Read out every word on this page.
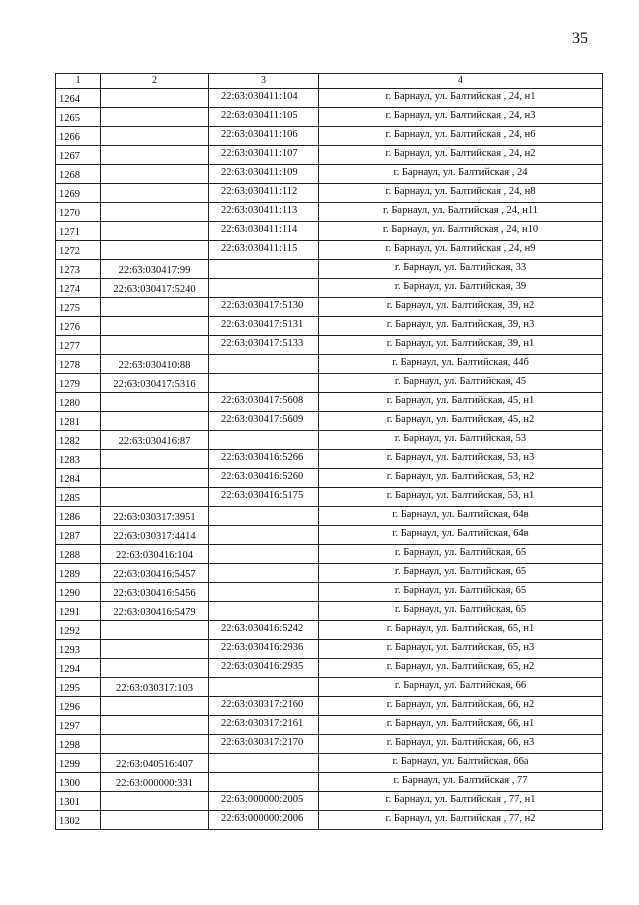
35
1	2	3	4
1264		22:63:030411:104	г. Барнаул, ул. Балтийская , 24, н1
1265		22:63:030411:105	г. Барнаул, ул. Балтийская , 24, н3
1266		22:63:030411:106	г. Барнаул, ул. Балтийская , 24, н6
1267		22:63:030411:107	г. Барнаул, ул. Балтийская , 24, н2
1268		22:63:030411:109	г. Барнаул, ул. Балтийская , 24
1269		22:63:030411:112	г. Барнаул, ул. Балтийская , 24, н8
1270		22:63:030411:113	г. Барнаул, ул. Балтийская , 24, н11
1271		22:63:030411:114	г. Барнаул, ул. Балтийская , 24, н10
1272		22:63:030411:115	г. Барнаул, ул. Балтийская , 24, н9
1273	22:63:030417:99		г. Барнаул, ул. Балтийская, 33
1274	22:63:030417:5240		г. Барнаул, ул. Балтийская, 39
1275		22:63:030417:5130	г. Барнаул, ул. Балтийская, 39, н2
1276		22:63:030417:5131	г. Барнаул, ул. Балтийская, 39, н3
1277		22:63:030417:5133	г. Барнаул, ул. Балтийская, 39, н1
1278	22:63:030410:88		г. Барнаул, ул. Балтийская, 44б
1279	22:63:030417:5316		г. Барнаул, ул. Балтийская, 45
1280		22:63:030417:5608	г. Барнаул, ул. Балтийская, 45, н1
1281		22:63:030417:5609	г. Барнаул, ул. Балтийская, 45, н2
1282	22:63:030416:87		г. Барнаул, ул. Балтийская, 53
1283		22:63:030416:5266	г. Барнаул, ул. Балтийская, 53, н3
1284		22:63:030416:5260	г. Барнаул, ул. Балтийская, 53, н2
1285		22:63:030416:5175	г. Барнаул, ул. Балтийская, 53, н1
1286	22:63:030317:3951		г. Барнаул, ул. Балтийская, 64в
1287	22:63:030317:4414		г. Барнаул, ул. Балтийская, 64в
1288	22:63:030416:104		г. Барнаул, ул. Балтийская, 65
1289	22:63:030416:5457		г. Барнаул, ул. Балтийская, 65
1290	22:63:030416:5456		г. Барнаул, ул. Балтийская, 65
1291	22:63:030416:5479		г. Барнаул, ул. Балтийская, 65
1292		22:63:030416:5242	г. Барнаул, ул. Балтийская, 65, н1
1293		22:63:030416:2936	г. Барнаул, ул. Балтийская, 65, н3
1294		22:63:030416:2935	г. Барнаул, ул. Балтийская, 65, н2
1295	22:63:030317:103		г. Барнаул, ул. Балтийская, 66
1296		22:63:030317:2160	г. Барнаул, ул. Балтийская, 66, н2
1297		22:63:030317:2161	г. Барнаул, ул. Балтийская, 66, н1
1298		22:63:030317:2170	г. Барнаул, ул. Балтийская, 66, н3
1299	22:63:040516:407		г. Барнаул, ул. Балтийская, 66а
1300	22:63:000000:331		г. Барнаул, ул. Балтийская , 77
1301		22:63:000000:2005	г. Барнаул, ул. Балтийская , 77, н1
1302		22:63:000000:2006	г. Барнаул, ул. Балтийская , 77, н2
